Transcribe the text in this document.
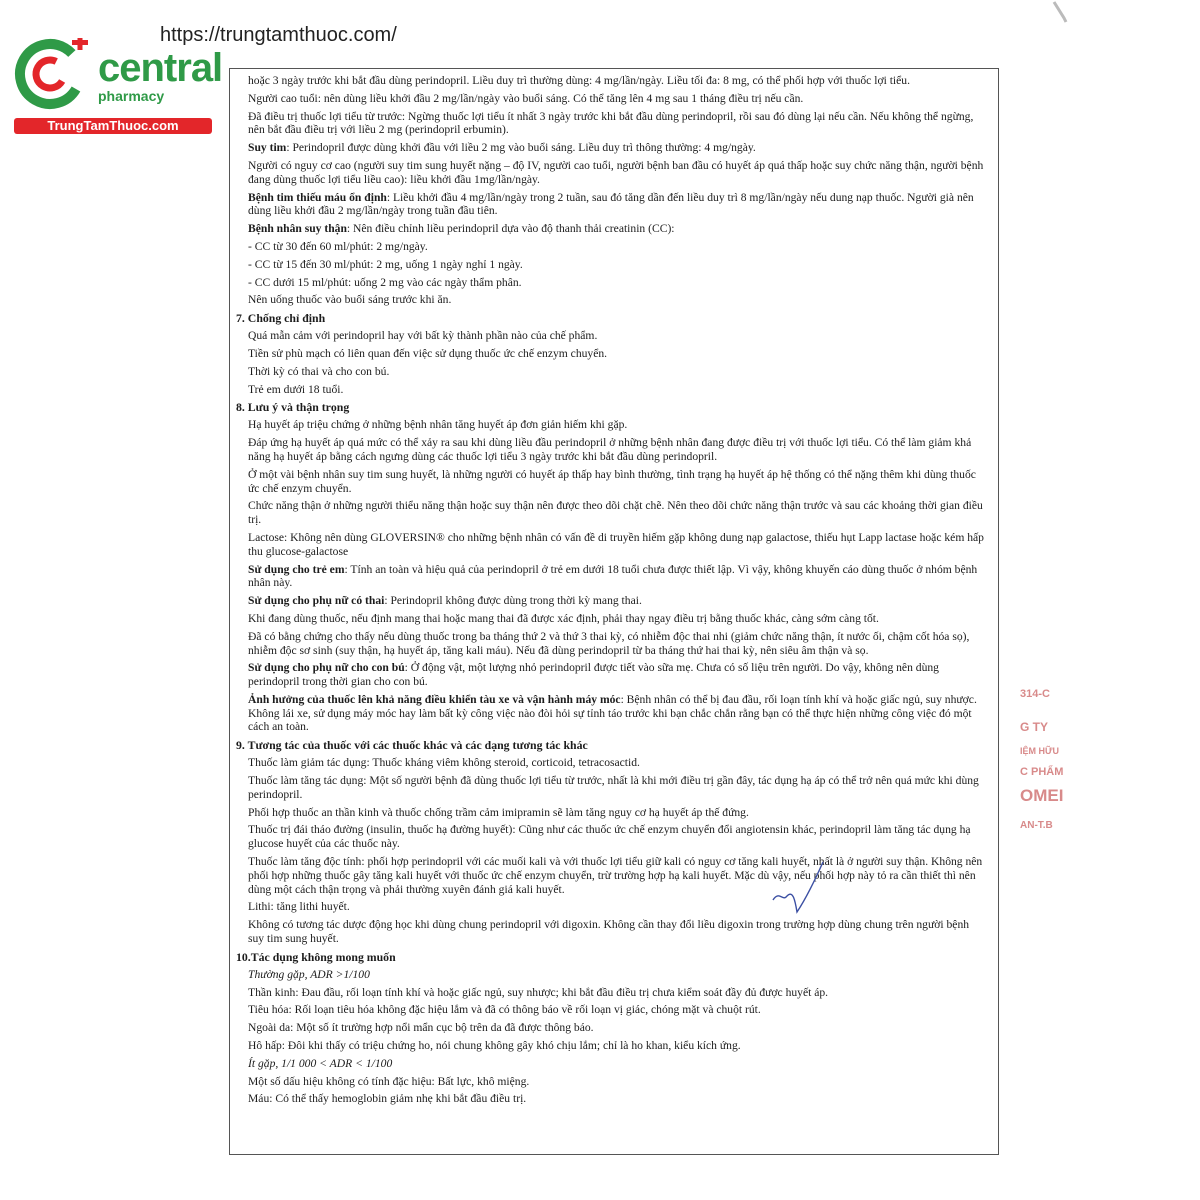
https://trungtamthuoc.com/
central
pharmacy
TrungTamThuoc.com
hoặc 3 ngày trước khi bắt đầu dùng perindopril. Liều duy trì thường dùng: 4 mg/lần/ngày. Liều tối đa: 8 mg, có thể phối hợp với thuốc lợi tiểu.
Người cao tuổi: nên dùng liều khởi đầu 2 mg/lần/ngày vào buổi sáng. Có thể tăng lên 4 mg sau 1 tháng điều trị nếu cần.
Đã điều trị thuốc lợi tiểu từ trước: Ngừng thuốc lợi tiểu ít nhất 3 ngày trước khi bắt đầu dùng perindopril, rồi sau đó dùng lại nếu cần. Nếu không thể ngừng, nên bắt đầu điều trị với liều 2 mg (perindopril erbumin).
Suy tim: Perindopril được dùng khởi đầu với liều 2 mg vào buổi sáng. Liều duy trì thông thường: 4 mg/ngày.
Người có nguy cơ cao (người suy tim sung huyết nặng – độ IV, người cao tuổi, người bệnh ban đầu có huyết áp quá thấp hoặc suy chức năng thận, người bệnh đang dùng thuốc lợi tiểu liều cao): liều khởi đầu 1mg/lần/ngày.
Bệnh tim thiếu máu ổn định: Liều khởi đầu 4 mg/lần/ngày trong 2 tuần, sau đó tăng dần đến liều duy trì 8 mg/lần/ngày nếu dung nạp thuốc. Người già nên dùng liều khởi đầu 2 mg/lần/ngày trong tuần đầu tiên.
Bệnh nhân suy thận: Nên điều chỉnh liều perindopril dựa vào độ thanh thải creatinin (CC):
- CC từ 30 đến 60 ml/phút: 2 mg/ngày.
- CC từ 15 đến 30 ml/phút: 2 mg, uống 1 ngày nghỉ 1 ngày.
- CC dưới 15 ml/phút: uống 2 mg vào các ngày thẩm phân.
Nên uống thuốc vào buổi sáng trước khi ăn.
7. Chống chỉ định
Quá mẫn cảm với perindopril hay với bất kỳ thành phần nào của chế phẩm.
Tiền sử phù mạch có liên quan đến việc sử dụng thuốc ức chế enzym chuyển.
Thời kỳ có thai và cho con bú.
Trẻ em dưới 18 tuổi.
8. Lưu ý và thận trọng
Hạ huyết áp triệu chứng ở những bệnh nhân tăng huyết áp đơn giản hiếm khi gặp.
Đáp ứng hạ huyết áp quá mức có thể xảy ra sau khi dùng liều đầu perindopril ở những bệnh nhân đang được điều trị với thuốc lợi tiểu. Có thể làm giảm khả năng hạ huyết áp bằng cách ngưng dùng các thuốc lợi tiểu 3 ngày trước khi bắt đầu dùng perindopril.
Ở một vài bệnh nhân suy tim sung huyết, là những người có huyết áp thấp hay bình thường, tình trạng hạ huyết áp hệ thống có thể nặng thêm khi dùng thuốc ức chế enzym chuyển.
Chức năng thận ở những người thiểu năng thận hoặc suy thận nên được theo dõi chặt chẽ. Nên theo dõi chức năng thận trước và sau các khoảng thời gian điều trị.
Lactose: Không nên dùng GLOVERSIN® cho những bệnh nhân có vấn đề di truyền hiếm gặp không dung nạp galactose, thiếu hụt Lapp lactase hoặc kém hấp thu glucose-galactose
Sử dụng cho trẻ em: Tính an toàn và hiệu quả của perindopril ở trẻ em dưới 18 tuổi chưa được thiết lập. Vì vậy, không khuyến cáo dùng thuốc ở nhóm bệnh nhân này.
Sử dụng cho phụ nữ có thai: Perindopril không được dùng trong thời kỳ mang thai.
Khi đang dùng thuốc, nếu định mang thai hoặc mang thai đã được xác định, phải thay ngay điều trị bằng thuốc khác, càng sớm càng tốt.
Đã có bằng chứng cho thấy nếu dùng thuốc trong ba tháng thứ 2 và thứ 3 thai kỳ, có nhiễm độc thai nhi (giảm chức năng thận, ít nước ối, chậm cốt hóa sọ), nhiễm độc sơ sinh (suy thận, hạ huyết áp, tăng kali máu). Nếu đã dùng perindopril từ ba tháng thứ hai thai kỳ, nên siêu âm thận và sọ.
Sử dụng cho phụ nữ cho con bú: Ở động vật, một lượng nhỏ perindopril được tiết vào sữa mẹ. Chưa có số liệu trên người. Do vậy, không nên dùng perindopril trong thời gian cho con bú.
Ảnh hưởng của thuốc lên khả năng điều khiển tàu xe và vận hành máy móc: Bệnh nhân có thể bị đau đầu, rối loạn tính khí và hoặc giấc ngủ, suy nhược. Không lái xe, sử dụng máy móc hay làm bất kỳ công việc nào đòi hỏi sự tỉnh táo trước khi bạn chắc chắn rằng bạn có thể thực hiện những công việc đó một cách an toàn.
9. Tương tác của thuốc với các thuốc khác và các dạng tương tác khác
Thuốc làm giảm tác dụng: Thuốc kháng viêm không steroid, corticoid, tetracosactid.
Thuốc làm tăng tác dụng: Một số người bệnh đã dùng thuốc lợi tiểu từ trước, nhất là khi mới điều trị gần đây, tác dụng hạ áp có thể trở nên quá mức khi dùng perindopril.
Phối hợp thuốc an thần kinh và thuốc chống trầm cảm imipramin sẽ làm tăng nguy cơ hạ huyết áp thế đứng.
Thuốc trị đái tháo đường (insulin, thuốc hạ đường huyết): Cũng như các thuốc ức chế enzym chuyển đổi angiotensin khác, perindopril làm tăng tác dụng hạ glucose huyết của các thuốc này.
Thuốc làm tăng độc tính: phối hợp perindopril với các muối kali và với thuốc lợi tiểu giữ kali có nguy cơ tăng kali huyết, nhất là ở người suy thận. Không nên phối hợp những thuốc gây tăng kali huyết với thuốc ức chế enzym chuyển, trừ trường hợp hạ kali huyết. Mặc dù vậy, nếu phối hợp này tỏ ra cần thiết thì nên dùng một cách thận trọng và phải thường xuyên đánh giá kali huyết.
Lithi: tăng lithi huyết.
Không có tương tác dược động học khi dùng chung perindopril với digoxin. Không cần thay đổi liều digoxin trong trường hợp dùng chung trên người bệnh suy tim sung huyết.
10.Tác dụng không mong muốn
Thường gặp, ADR >1/100
Thần kinh: Đau đầu, rối loạn tính khí và hoặc giấc ngủ, suy nhược; khi bắt đầu điều trị chưa kiểm soát đầy đủ được huyết áp.
Tiêu hóa: Rối loạn tiêu hóa không đặc hiệu lắm và đã có thông báo về rối loạn vị giác, chóng mặt và chuột rút.
Ngoài da: Một số ít trường hợp nổi mẩn cục bộ trên da đã được thông báo.
Hô hấp: Đôi khi thấy có triệu chứng ho, nói chung không gây khó chịu lắm; chỉ là ho khan, kiểu kích ứng.
Ít gặp, 1/1 000 < ADR < 1/100
Một số dấu hiệu không có tính đặc hiệu: Bất lực, khô miệng.
Máu: Có thể thấy hemoglobin giảm nhẹ khi bắt đầu điều trị.
314-C
G TY
IỆM HỮU
C PHẨM
OMEI
AN-T.B
